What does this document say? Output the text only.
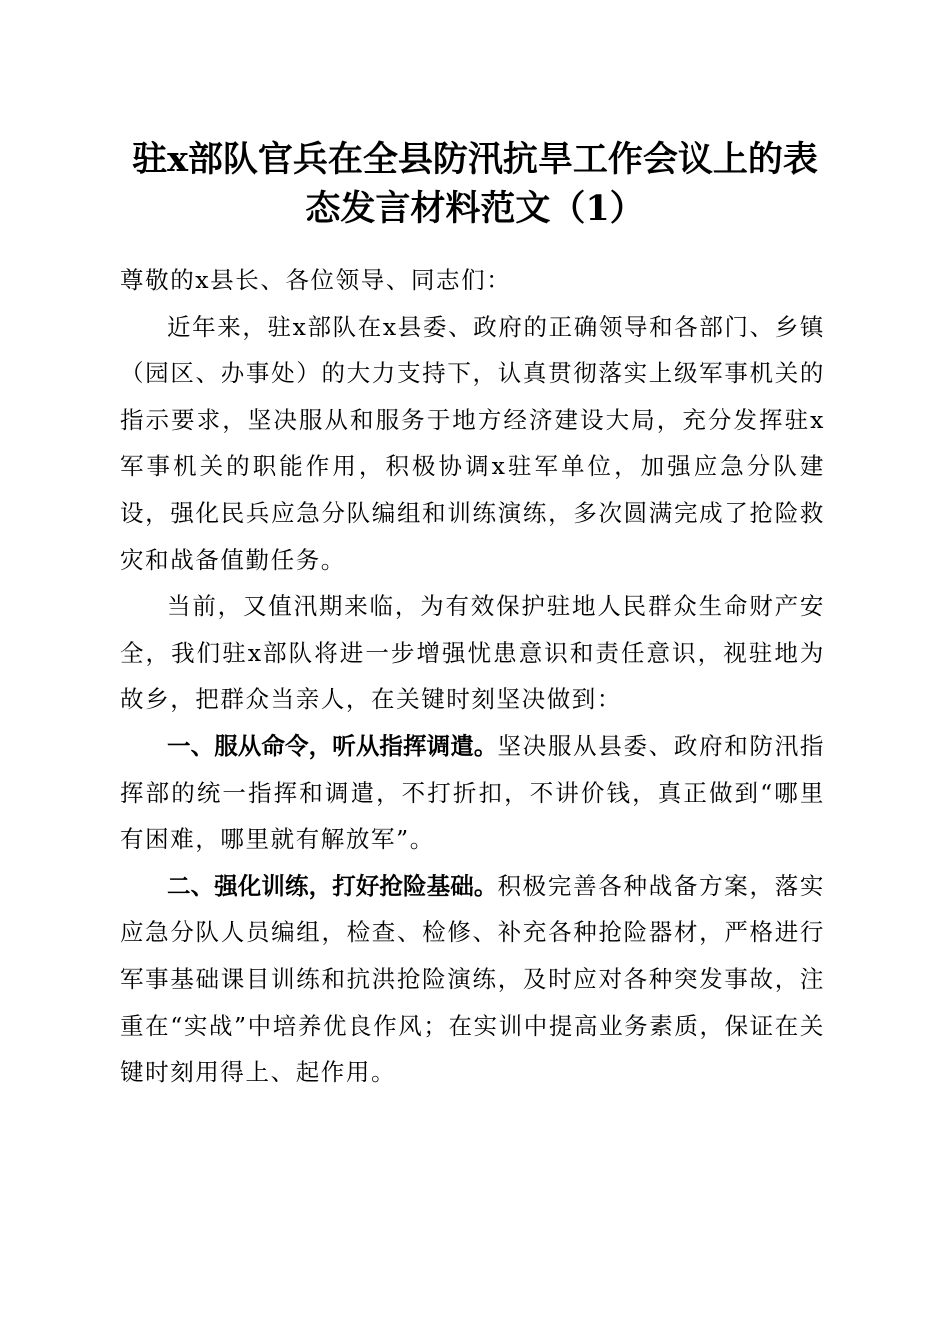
驻x部队官兵在全县防汛抗旱工作会议上的表
态发言材料范文（1）

尊敬的x县长、各位领导、同志们：

近年来，驻x部队在x县委、政府的正确领导和各部门、乡镇（园区、办事处）的大力支持下，认真贯彻落实上级军事机关的指示要求，坚决服从和服务于地方经济建设大局，充分发挥驻x军事机关的职能作用，积极协调x驻军单位，加强应急分队建设，强化民兵应急分队编组和训练演练，多次圆满完成了抢险救灾和战备值勤任务。

当前，又值汛期来临，为有效保护驻地人民群众生命财产安全，我们驻x部队将进一步增强忧患意识和责任意识，视驻地为故乡，把群众当亲人，在关键时刻坚决做到：

一、服从命令，听从指挥调遣。坚决服从县委、政府和防汛指挥部的统一指挥和调遣，不打折扣，不讲价钱，真正做到“哪里有困难，哪里就有解放军”。

二、强化训练，打好抢险基础。积极完善各种战备方案，落实应急分队人员编组，检查、检修、补充各种抢险器材，严格进行军事基础课目训练和抗洪抢险演练，及时应对各种突发事故，注重在“实战”中培养优良作风；在实训中提高业务素质，保证在关键时刻用得上、起作用。
